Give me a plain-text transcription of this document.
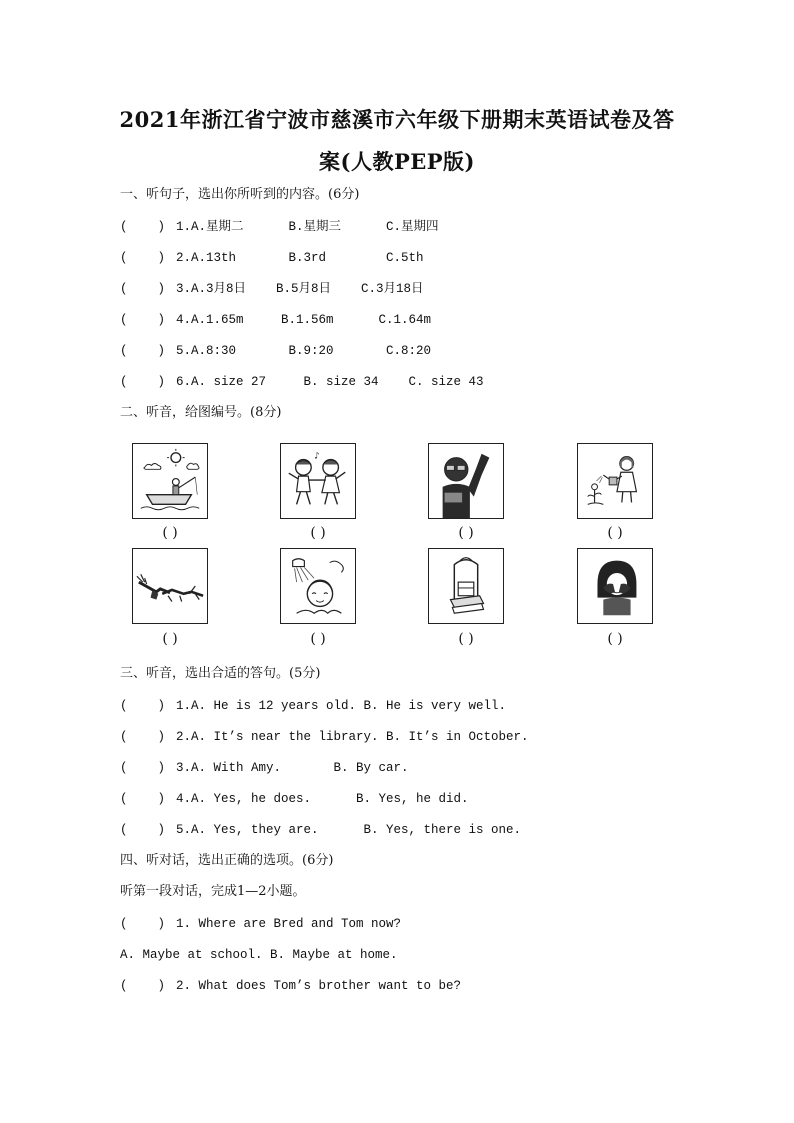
2021年浙江省宁波市慈溪市六年级下册期末英语试卷及答
案(人教PEP版)
一、听句子，选出你所听到的内容。(6分)
(    ) 1.A.星期二      B.星期三      C.星期四
(    ) 2.A.13th       B.3rd        C.5th
(    ) 3.A.3月8日    B.5月8日    C.3月18日
(    ) 4.A.1.65m     B.1.56m      C.1.64m
(    ) 5.A.8:30       B.9:20       C.8:20
(    ) 6.A. size 27     B. size 34    C. size 43
二、听音，给图编号。(8分)
♪
( )	( )	( )	( )
( )	( )	( )	( )
三、听音，选出合适的答句。(5分)
(    ) 1.A. He is 12 years old. B. He is very well.
(    ) 2.A. It’s near the library. B. It’s in October.
(    ) 3.A. With Amy.       B. By car.
(    ) 4.A. Yes, he does.      B. Yes, he did.
(    ) 5.A. Yes, they are.      B. Yes, there is one.
四、听对话，选出正确的选项。(6分)
听第一段对话，完成1—2小题。
(    ) 1. Where are Bred and Tom now?
A. Maybe at school. B. Maybe at home.
(    ) 2. What does Tom’s brother want to be?
